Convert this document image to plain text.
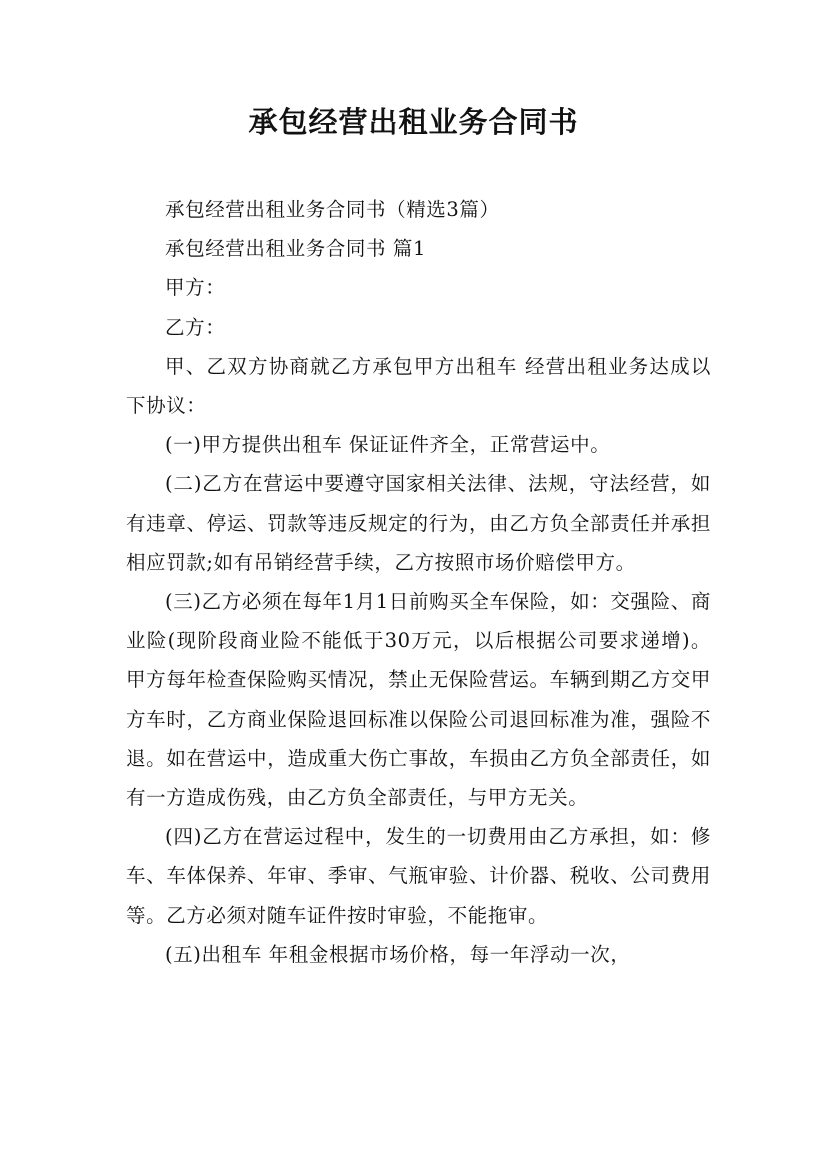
承包经营出租业务合同书

承包经营出租业务合同书（精选3篇）

承包经营出租业务合同书 篇1

甲方：

乙方：

甲、乙双方协商就乙方承包甲方出租车 经营出租业务达成以下协议：

(一)甲方提供出租车 保证证件齐全，正常营运中。

(二)乙方在营运中要遵守国家相关法律、法规，守法经营，如有违章、停运、罚款等违反规定的行为，由乙方负全部责任并承担相应罚款;如有吊销经营手续，乙方按照市场价赔偿甲方。

(三)乙方必须在每年1月1日前购买全车保险，如：交强险、商业险(现阶段商业险不能低于30万元，以后根据公司要求递增)。甲方每年检查保险购买情况，禁止无保险营运。车辆到期乙方交甲方车时，乙方商业保险退回标准以保险公司退回标准为准，强险不退。如在营运中，造成重大伤亡事故，车损由乙方负全部责任，如有一方造成伤残，由乙方负全部责任，与甲方无关。

(四)乙方在营运过程中，发生的一切费用由乙方承担，如：修车、车体保养、年审、季审、气瓶审验、计价器、税收、公司费用等。乙方必须对随车证件按时审验，不能拖审。

(五)出租车 年租金根据市场价格，每一年浮动一次，
